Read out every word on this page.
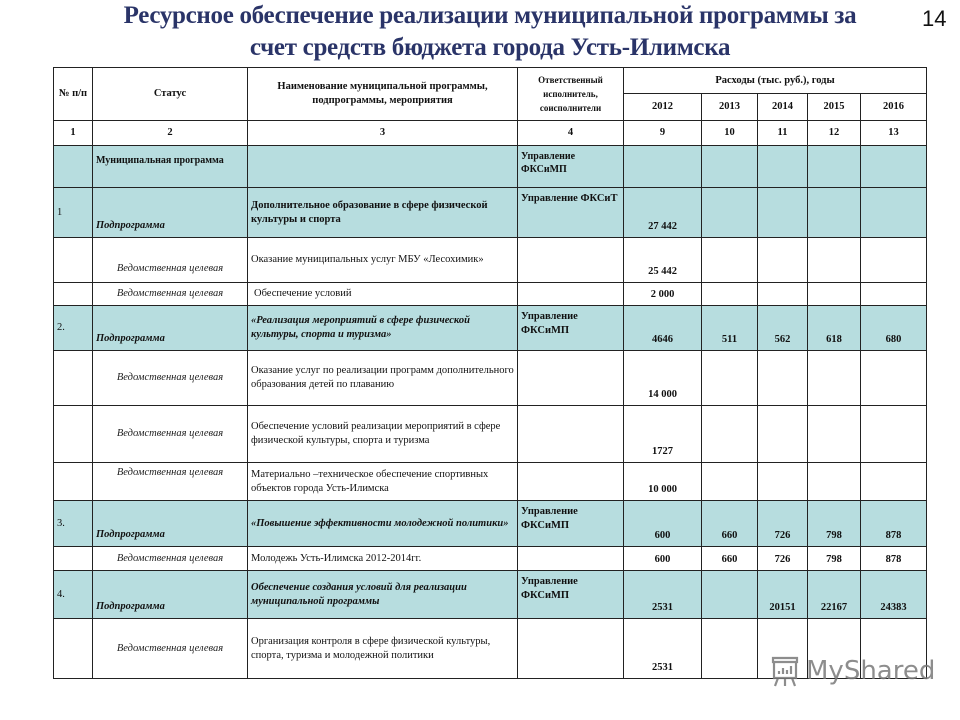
Ресурсное обеспечение реализации муниципальной программы за
счет средств бюджета города Усть-Илимска
14
№ п/п	Статус	Наименование муниципальной программы, подпрограммы, мероприятия	Ответственный исполнитель, соисполнители	Расходы (тыс. руб.), годы				
				2012	2013	2014	2015	2016
1	2	3	4	9	10	11	12	13
	Муниципальная программа		Управление ФКСиМП					
1	Подпрограмма	Дополнительное образование в сфере физической культуры и спорта	Управление ФКСиТ	27 442				
	Ведомственная целевая	Оказание муниципальных услуг МБУ «Лесохимик»		25 442				
	Ведомственная целевая	Обеспечение условий		2 000				
2.	Подпрограмма	«Реализация мероприятий в сфере физической культуры, спорта и туризма»	Управление ФКСиМП	4646	511	562	618	680
	Ведомственная целевая	Оказание услуг по реализации программ дополнительного образования детей по плаванию		14 000				
	Ведомственная целевая	Обеспечение условий реализации мероприятий в сфере физической культуры, спорта и туризма		1727				
	Ведомственная целевая	Материально –техническое обеспечение спортивных объектов города Усть-Илимска		10 000				
3.	Подпрограмма	«Повышение эффективности молодежной политики»	Управление ФКСиМП	600	660	726	798	878
	Ведомственная целевая	Молодежь Усть-Илимска 2012-2014гг.		600	660	726	798	878
4.	Подпрограмма	Обеспечение создания условий для реализации муниципальной программы	Управление ФКСиМП	2531		20151	22167	24383
	Ведомственная целевая	Организация контроля в сфере физической культуры, спорта, туризма и молодежной политики		2531					MyShared
